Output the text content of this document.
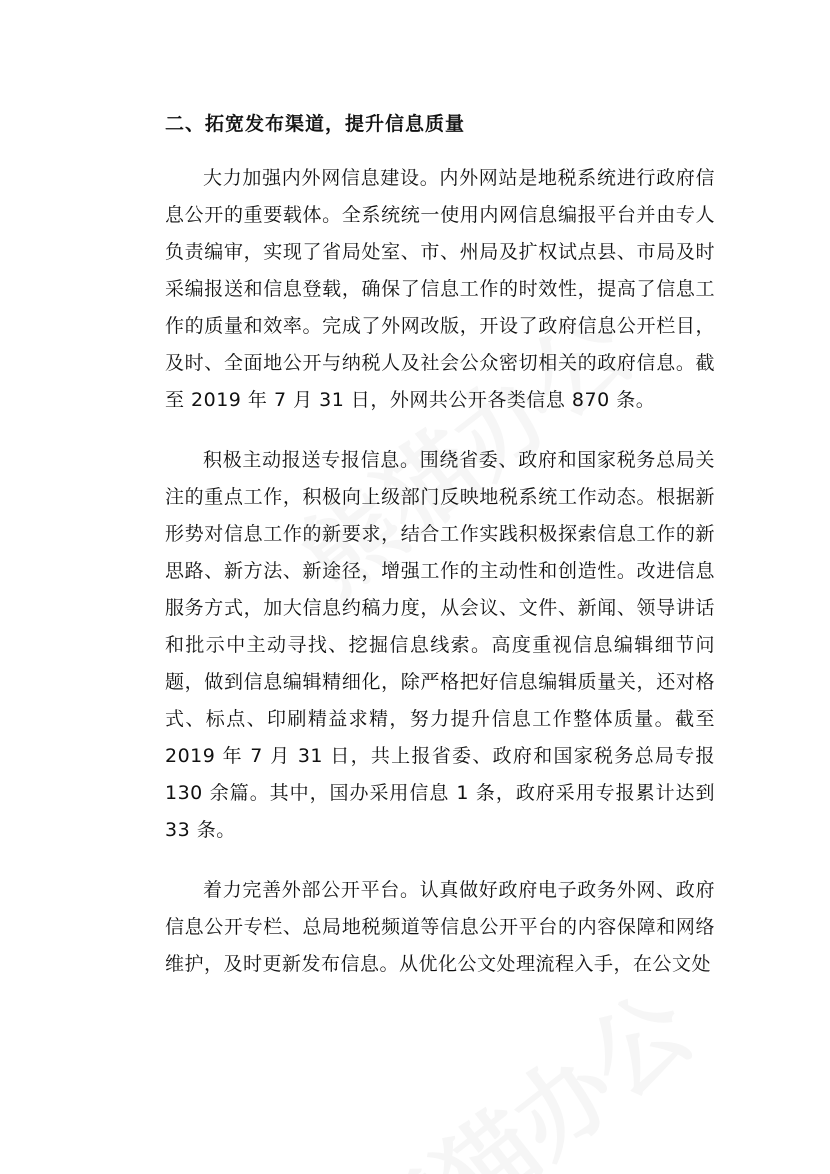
二、拓宽发布渠道，提升信息质量

大力加强内外网信息建设。内外网站是地税系统进行政府信息公开的重要载体。全系统统一使用内网信息编报平台并由专人负责编审，实现了省局处室、市、州局及扩权试点县、市局及时采编报送和信息登载，确保了信息工作的时效性，提高了信息工作的质量和效率。完成了外网改版，开设了政府信息公开栏目，及时、全面地公开与纳税人及社会公众密切相关的政府信息。截至 2019 年 7 月 31 日，外网共公开各类信息 870 条。

积极主动报送专报信息。围绕省委、政府和国家税务总局关注的重点工作，积极向上级部门反映地税系统工作动态。根据新形势对信息工作的新要求，结合工作实践积极探索信息工作的新思路、新方法、新途径，增强工作的主动性和创造性。改进信息服务方式，加大信息约稿力度，从会议、文件、新闻、领导讲话和批示中主动寻找、挖掘信息线索。高度重视信息编辑细节问题，做到信息编辑精细化，除严格把好信息编辑质量关，还对格式、标点、印刷精益求精，努力提升信息工作整体质量。截至 2019 年 7 月 31 日，共上报省委、政府和国家税务总局专报 130 余篇。其中，国办采用信息 1 条，政府采用专报累计达到 33 条。

着力完善外部公开平台。认真做好政府电子政务外网、政府信息公开专栏、总局地税频道等信息公开平台的内容保障和网络维护，及时更新发布信息。从优化公文处理流程入手，在公文处
